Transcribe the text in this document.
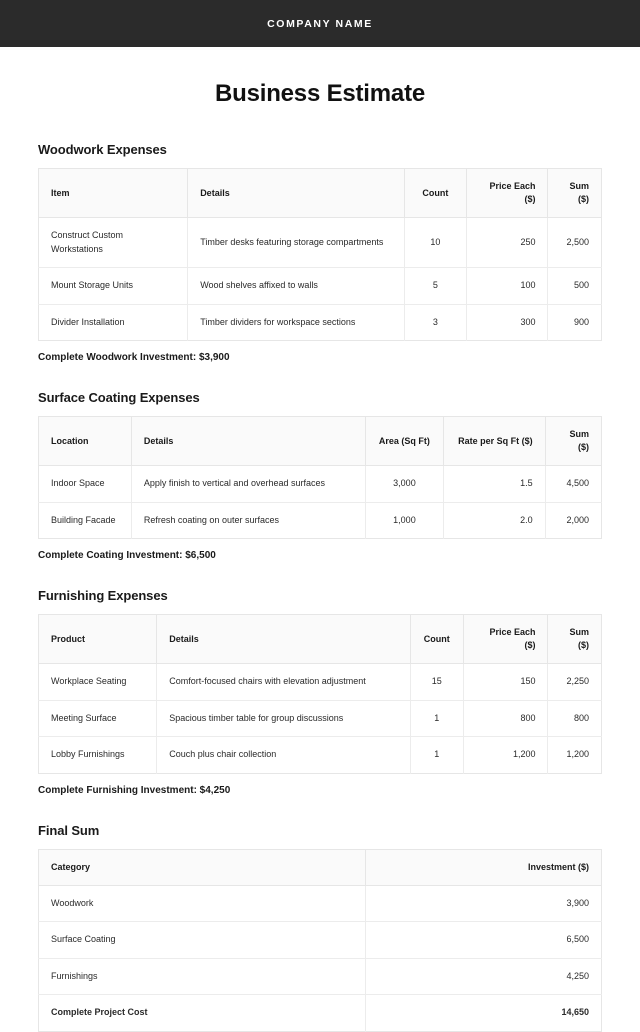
COMPANY NAME
Business Estimate
Woodwork Expenses
Item	Details	Count	Price Each ($)	Sum ($)
Construct Custom Workstations	Timber desks featuring storage compartments	10	250	2,500
Mount Storage Units	Wood shelves affixed to walls	5	100	500
Divider Installation	Timber dividers for workspace sections	3	300	900

Complete Woodwork Investment: $3,900

Surface Coating Expenses
Location	Details	Area (Sq Ft)	Rate per Sq Ft ($)	Sum ($)
Indoor Space	Apply finish to vertical and overhead surfaces	3,000	1.5	4,500
Building Facade	Refresh coating on outer surfaces	1,000	2.0	2,000

Complete Coating Investment: $6,500

Furnishing Expenses
Product	Details	Count	Price Each ($)	Sum ($)
Workplace Seating	Comfort-focused chairs with elevation adjustment	15	150	2,250
Meeting Surface	Spacious timber table for group discussions	1	800	800
Lobby Furnishings	Couch plus chair collection	1	1,200	1,200

Complete Furnishing Investment: $4,250

Final Sum
Category	Investment ($)
Woodwork	3,900
Surface Coating	6,500
Furnishings	4,250
Complete Project Cost	14,650
